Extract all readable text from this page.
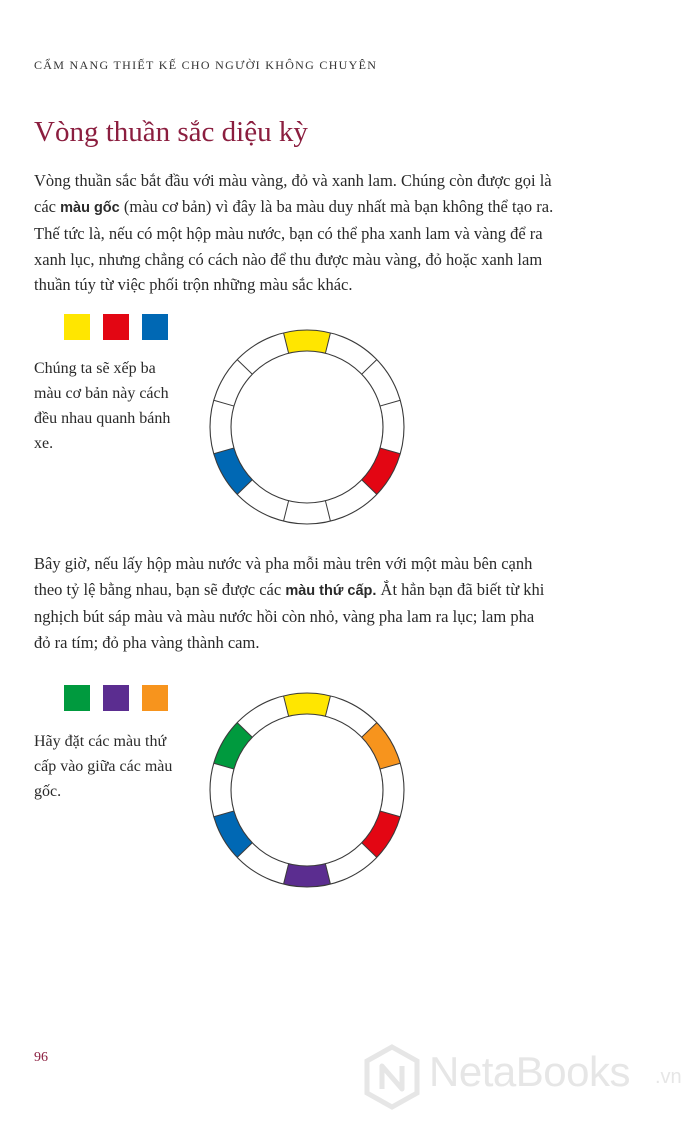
CẨM NANG THIẾT KẾ CHO NGƯỜI KHÔNG CHUYÊN
Vòng thuần sắc diệu kỳ

Vòng thuần sắc bắt đầu với màu vàng, đỏ và xanh lam. Chúng còn được gọi là các màu gốc (màu cơ bản) vì đây là ba màu duy nhất mà bạn không thể tạo ra. Thế tức là, nếu có một hộp màu nước, bạn có thể pha xanh lam và vàng để ra xanh lục, nhưng chẳng có cách nào để thu được màu vàng, đỏ hoặc xanh lam thuần túy từ việc phối trộn những màu sắc khác.

Chúng ta sẽ xếp ba màu cơ bản này cách đều nhau quanh bánh xe.

Bây giờ, nếu lấy hộp màu nước và pha mỗi màu trên với một màu bên cạnh theo tỷ lệ bằng nhau, bạn sẽ được các màu thứ cấp. Ắt hẳn bạn đã biết từ khi nghịch bút sáp màu và màu nước hồi còn nhỏ, vàng pha lam ra lục; lam pha đỏ ra tím; đỏ pha vàng thành cam.

Hãy đặt các màu thứ cấp vào giữa các màu gốc.

96	NetaBooks .vn
